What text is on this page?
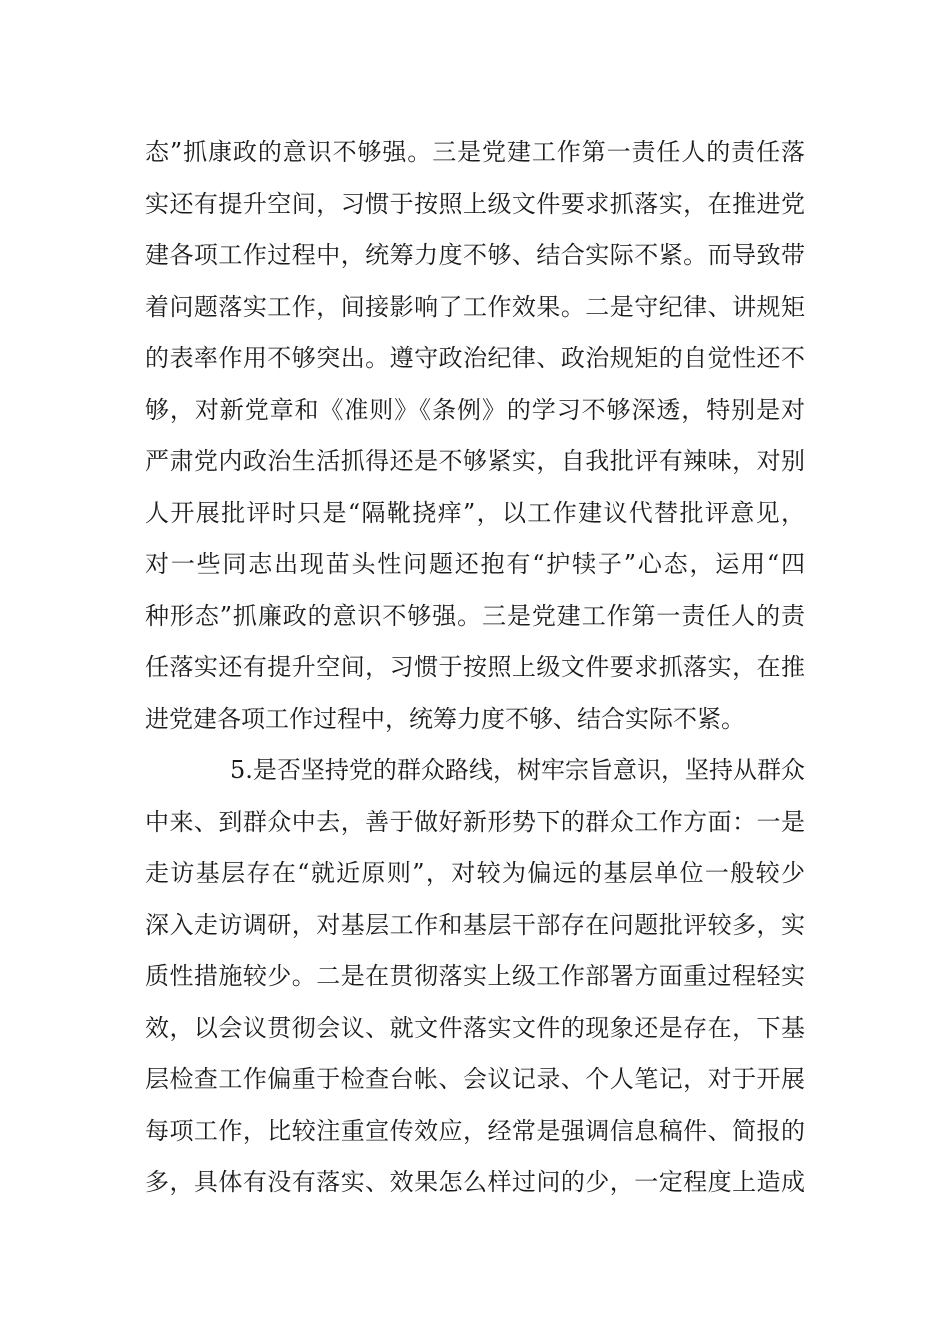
态”抓康政的意识不够强。三是党建工作第一责任人的责任落
实还有提升空间，习惯于按照上级文件要求抓落实，在推进党
建各项工作过程中，统筹力度不够、结合实际不紧。而导致带
着问题落实工作，间接影响了工作效果。二是守纪律、讲规矩
的表率作用不够突出。遵守政治纪律、政治规矩的自觉性还不
够，对新党章和《准则》《条例》的学习不够深透，特别是对
严肃党内政治生活抓得还是不够紧实，自我批评有辣味，对别
人开展批评时只是“隔靴挠痒”，以工作建议代替批评意见，
对一些同志出现苗头性问题还抱有“护犊子”心态，运用“四
种形态”抓廉政的意识不够强。三是党建工作第一责任人的责
任落实还有提升空间，习惯于按照上级文件要求抓落实，在推
进党建各项工作过程中，统筹力度不够、结合实际不紧。
5.是否坚持党的群众路线，树牢宗旨意识，坚持从群众
中来、到群众中去，善于做好新形势下的群众工作方面：一是
走访基层存在“就近原则”，对较为偏远的基层单位一般较少
深入走访调研，对基层工作和基层干部存在问题批评较多，实
质性措施较少。二是在贯彻落实上级工作部署方面重过程轻实
效，以会议贯彻会议、就文件落实文件的现象还是存在，下基
层检查工作偏重于检查台帐、会议记录、个人笔记，对于开展
每项工作，比较注重宣传效应，经常是强调信息稿件、简报的
多，具体有没有落实、效果怎么样过问的少，一定程度上造成
